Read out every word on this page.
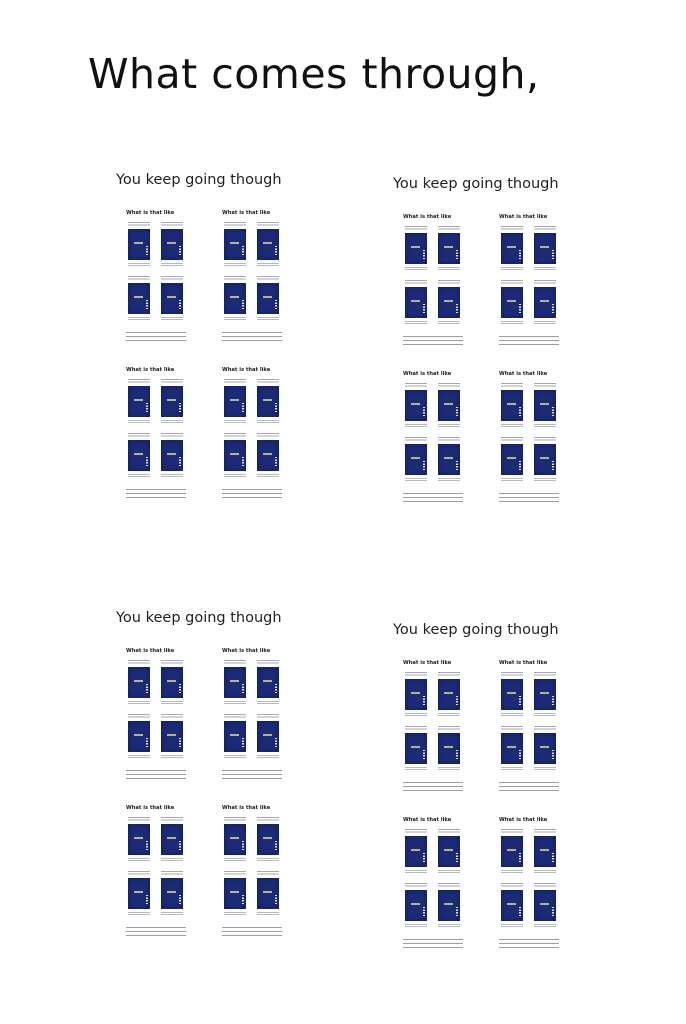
What comes through,
You keep going though
What is that like	What is that like
What is that like	What is that like
You keep going though
What is that like	What is that like
What is that like	What is that like
You keep going though
What is that like	What is that like
What is that like	What is that like
You keep going though
What is that like	What is that like
What is that like	What is that like
